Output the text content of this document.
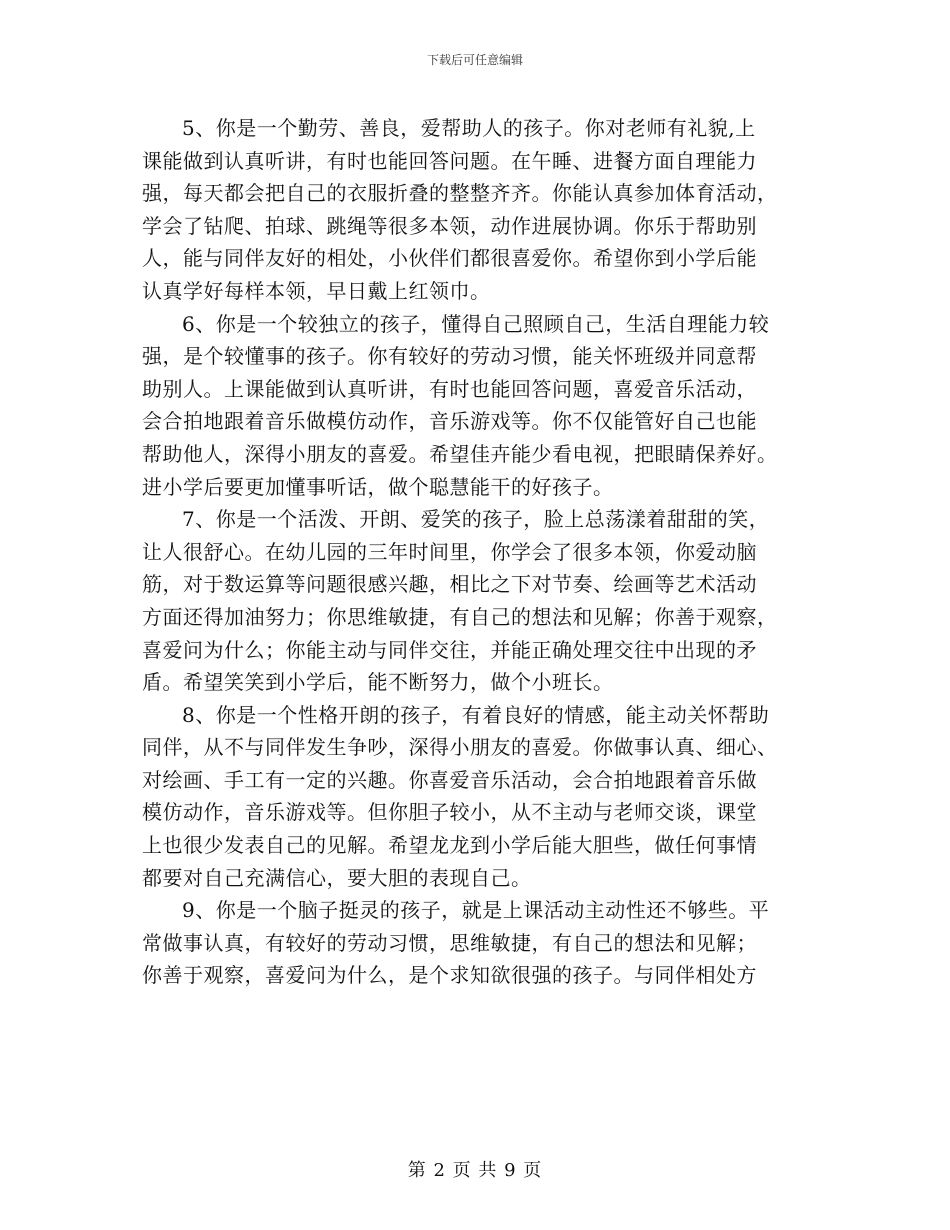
下载后可任意编辑
5、你是一个勤劳、善良，爱帮助人的孩子。你对老师有礼貌,上
课能做到认真听讲，有时也能回答问题。在午睡、进餐方面自理能力
强，每天都会把自己的衣服折叠的整整齐齐。你能认真参加体育活动，
学会了钻爬、拍球、跳绳等很多本领，动作进展协调。你乐于帮助别
人，能与同伴友好的相处，小伙伴们都很喜爱你。希望你到小学后能
认真学好每样本领，早日戴上红领巾。
6、你是一个较独立的孩子，懂得自己照顾自己，生活自理能力较
强，是个较懂事的孩子。你有较好的劳动习惯，能关怀班级并同意帮
助别人。上课能做到认真听讲，有时也能回答问题，喜爱音乐活动，
会合拍地跟着音乐做模仿动作，音乐游戏等。你不仅能管好自己也能
帮助他人，深得小朋友的喜爱。希望佳卉能少看电视，把眼睛保养好。
进小学后要更加懂事听话，做个聪慧能干的好孩子。
7、你是一个活泼、开朗、爱笑的孩子，脸上总荡漾着甜甜的笑，
让人很舒心。在幼儿园的三年时间里，你学会了很多本领，你爱动脑
筋，对于数运算等问题很感兴趣，相比之下对节奏、绘画等艺术活动
方面还得加油努力；你思维敏捷，有自己的想法和见解；你善于观察，
喜爱问为什么；你能主动与同伴交往，并能正确处理交往中出现的矛
盾。希望笑笑到小学后，能不断努力，做个小班长。
8、你是一个性格开朗的孩子，有着良好的情感，能主动关怀帮助
同伴，从不与同伴发生争吵，深得小朋友的喜爱。你做事认真、细心、
对绘画、手工有一定的兴趣。你喜爱音乐活动，会合拍地跟着音乐做
模仿动作，音乐游戏等。但你胆子较小，从不主动与老师交谈，课堂
上也很少发表自己的见解。希望龙龙到小学后能大胆些，做任何事情
都要对自己充满信心，要大胆的表现自己。
9、你是一个脑子挺灵的孩子，就是上课活动主动性还不够些。平
常做事认真，有较好的劳动习惯，思维敏捷，有自己的想法和见解；
你善于观察，喜爱问为什么，是个求知欲很强的孩子。与同伴相处方
第 2 页 共 9 页
